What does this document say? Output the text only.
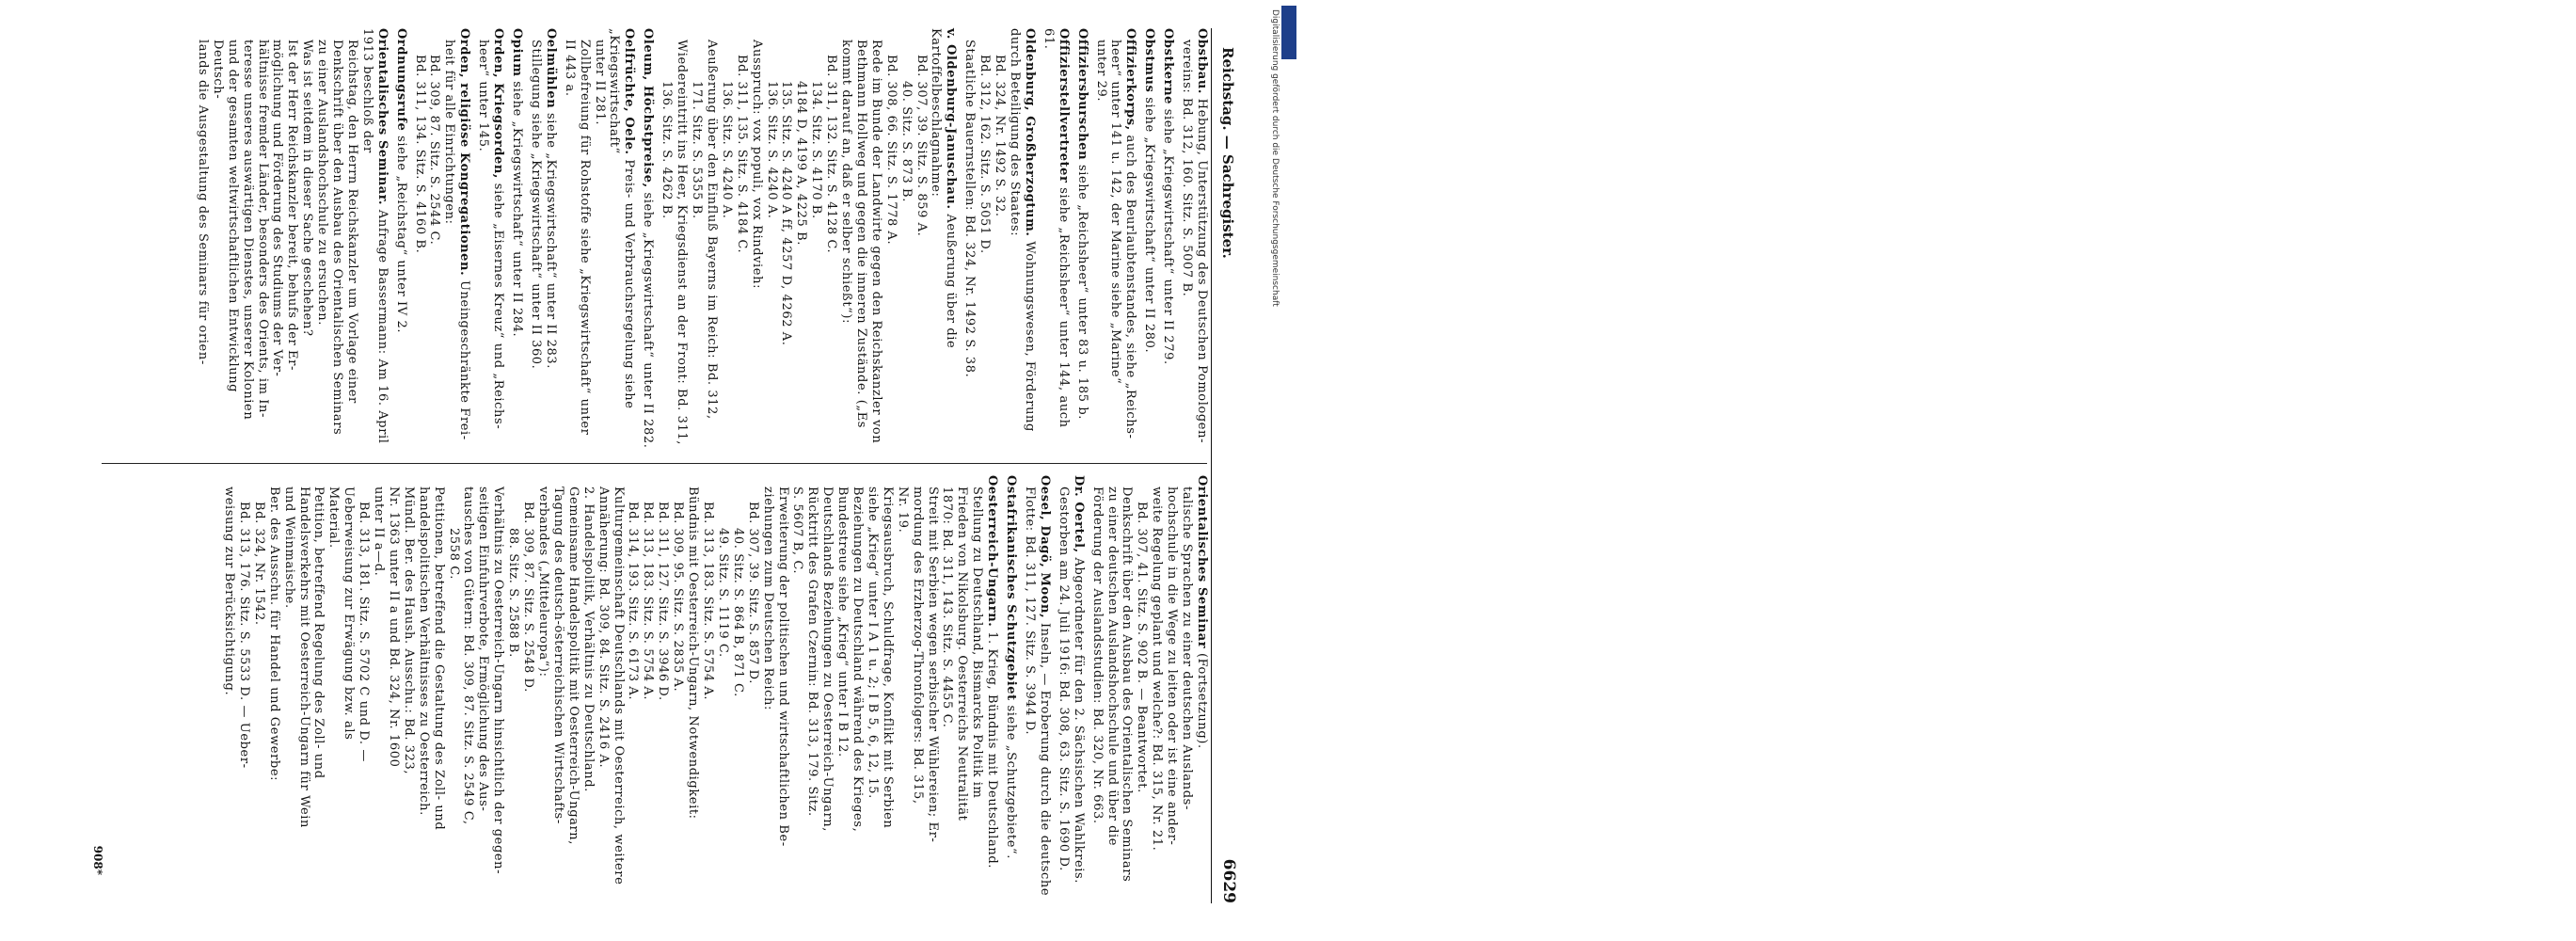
Reichstag. — Sachregister.
6629

Obstbau. Hebung, Unterstützung des Deutschen Pomologen-

vereins: Bd. 312, 160. Sitz. S. 5007 B.

Obstkerne siehe „Kriegswirtschaft“ unter II 279.

Obstmus siehe „Kriegswirtschaft“ unter II 280.

Offizierkorps, auch des Beurlaubtenstandes, siehe „Reichs-

heer“ unter 141 u. 142, der Marine siehe „Marine“

unter 29.

Offiziersburschen siehe „Reichsheer“ unter 83 u. 185 b.

Offizierstellvertreter siehe „Reichsheer“ unter 144, auch 61.

Oldenburg, Großherzogtum. Wohnungswesen, Förderung durch Beteiligung des Staates:

Bd. 324, Nr. 1492 S. 32.

Bd. 312, 162. Sitz. S. 5051 D.

Staatliche Bauernstellen: Bd. 324, Nr. 1492 S. 38.

v. Oldenburg-Januschau. Aeußerung über die Kartoffelbeschlagnahme:

Bd. 307, 39. Sitz. S. 859 A.

40. Sitz. S. 873 B.

Bd. 308, 66. Sitz. S. 1778 A.

Rede im Bunde der Landwirte gegen den Reichskanzler von

Bethmann Hollweg und gegen die inneren Zustände. („Es

kommt darauf an, daß er selber schießt“):

Bd. 311, 132. Sitz. S. 4128 C.

134. Sitz. S. 4170 B.

4184 D, 4199 A, 4225 B.

135. Sitz. S. 4240 A ff, 4257 D, 4262 A.

136. Sitz. S. 4240 A.

Ausspruch: vox populi, vox Rindvieh:

Bd. 311, 135. Sitz. S. 4184 C.

136. Sitz. S. 4240 A.

Aeußerung über den Einfluß Bayerns im Reich: Bd. 312,

171. Sitz. S. 5355 B.

Wiedereintritt ins Heer, Kriegsdienst an der Front: Bd. 311,

136. Sitz. S. 4262 B.

Oleum, Höchstpreise, siehe „Kriegswirtschaft“ unter II 282.

Oelfrüchte, Oele. Preis- und Verbrauchsregelung siehe „Kriegswirtschaft“

unter II 281.

Zollbefreiung für Rohstoffe siehe „Kriegswirtschaft“ unter

II 443 a.

Oelmühlen siehe „Kriegswirtschaft“ unter II 283.

Stillegung siehe „Kriegswirtschaft“ unter II 360.

Opium siehe „Kriegswirtschaft“ unter II 284.

Orden, Kriegsorden, siehe „Eisernes Kreuz“ und „Reichs-

heer“ unter 145.

Orden, religiöse Kongregationen. Uneingeschränkte Frei-

heit für alle Einrichtungen:

Bd. 309, 87. Sitz. S. 2544 C.

Bd. 311, 134. Sitz. S. 4160 B.

Ordnungsrufe siehe „Reichstag“ unter IV 2.

Orientalisches Seminar. Anfrage Bassermann: Am 16. April 1913 beschloß der

Reichstag, den Herrn Reichskanzler um Vorlage einer

Denkschrift über den Ausbau des Orientalischen Seminars

zu einer Auslandshochschule zu ersuchen.

Was ist seitdem in dieser Sache geschehen?

Ist der Herr Reichskanzler bereit, behufs der Er-

möglichung und Förderung des Studiums der Ver-

hältnisse fremder Länder, besonders des Orients, im In-

teresse unseres auswärtigen Dienstes, unserer Kolonien

und der gesamten weltwirtschaftlichen Entwicklung Deutsch-

lands die Ausgestaltung des Seminars für orien-

Orientalisches Seminar (Fortsetzung).

talische Sprachen zu einer deutschen Auslands-

hochschule in die Wege zu leiten oder ist eine ander-

weite Regelung geplant und welche?: Bd. 315, Nr. 21.

Bd. 307, 41. Sitz. S. 902 B. — Beantwortet.

Denkschrift über den Ausbau des Orientalischen Seminars

zu einer deutschen Auslandshochschule und über die

Förderung der Auslandsstudien: Bd. 320, Nr. 663.

Dr. Oertel, Abgeordneter für den 2. Sächsischen Wahlkreis.

Gestorben am 24. Juli 1916: Bd. 308, 63. Sitz. S. 1690 D.

Oesel, Dagö, Moon, Inseln, — Eroberung durch die deutsche

Flotte: Bd. 311, 127. Sitz. S. 3944 D.

Ostafrikanisches Schutzgebiet siehe „Schutzgebiete“.

Oesterreich-Ungarn. 1. Krieg, Bündnis mit Deutschland.

Stellung zu Deutschland, Bismarcks Politik im

Frieden von Nikolsburg. Oesterreichs Neutralität

1870: Bd. 311, 143. Sitz. S. 4455 C.

Streit mit Serbien wegen serbischer Wühlereien; Er-

mordung des Erzherzog-Thronfolgers: Bd. 315,

Nr. 19.

Kriegsausbruch, Schuldfrage, Konflikt mit Serbien

siehe „Krieg“ unter I A 1 u. 2; I B 5, 6, 12, 15.

Beziehungen zu Deutschland während des Krieges,

Bundestreue siehe „Krieg“ unter I B 12.

Deutschlands Beziehungen zu Oesterreich-Ungarn,

Rücktritt des Grafen Czernin: Bd. 313, 179. Sitz.

S. 5607 B, C.

Erweiterung der politischen und wirtschaftlichen Be-

ziehungen zum Deutschen Reich:

Bd. 307, 39. Sitz. S. 857 D.

40. Sitz. S. 864 B, 871 C.

49. Sitz. S. 1119 C.

Bd. 313, 183. Sitz. S. 5754 A.

Bündnis mit Oesterreich-Ungarn, Notwendigkeit:

Bd. 309, 95. Sitz. S. 2835 A.

Bd. 311, 127. Sitz. S. 3946 D.

Bd. 313, 183. Sitz. S. 5754 A.

Bd. 314, 193. Sitz. S. 6173 A.

Kulturgemeinschaft Deutschlands mit Oesterreich, weitere

Annäherung: Bd. 309, 84. Sitz. S. 2416 A.

2. Handelspolitik, Verhältnis zu Deutschland.

Gemeinsame Handelspolitik mit Oesterreich-Ungarn,

Tagung des deutsch-österreichischen Wirtschafts-

verbandes („Mitteleuropa“):

Bd. 309, 87. Sitz. S. 2548 D.

88. Sitz. S. 2588 B.

Verhältnis zu Oesterreich-Ungarn hinsichtlich der gegen-

seitigen Einfuhrverbote, Ermöglichung des Aus-

tausches von Gütern: Bd. 309, 87. Sitz. S. 2549 C,

2558 C.

Petitionen, betreffend die Gestaltung des Zoll- und

handelspolitischen Verhältnisses zu Oesterreich.

Mündl. Ber. des Haush. Ausschu.: Bd. 323,

Nr. 1363 unter II a und Bd. 324, Nr. 1600

unter II a—d.

Bd. 313, 181. Sitz. S. 5702 C und D. —

Ueberweisung zur Erwägung bzw. als

Material.

Petition, betreffend Regelung des Zoll- und

Handelsverkehrs mit Oesterreich-Ungarn für Wein

und Weinmaische.

Ber. des Ausschu. für Handel und Gewerbe:

Bd. 324, Nr. 1542.

Bd. 313, 176. Sitz. S. 5533 D. — Ueber-

weisung zur Berücksichtigung.

908*
DFG
Digitalisierung gefördert durch die Deutsche Forschungsgemeinschaft
